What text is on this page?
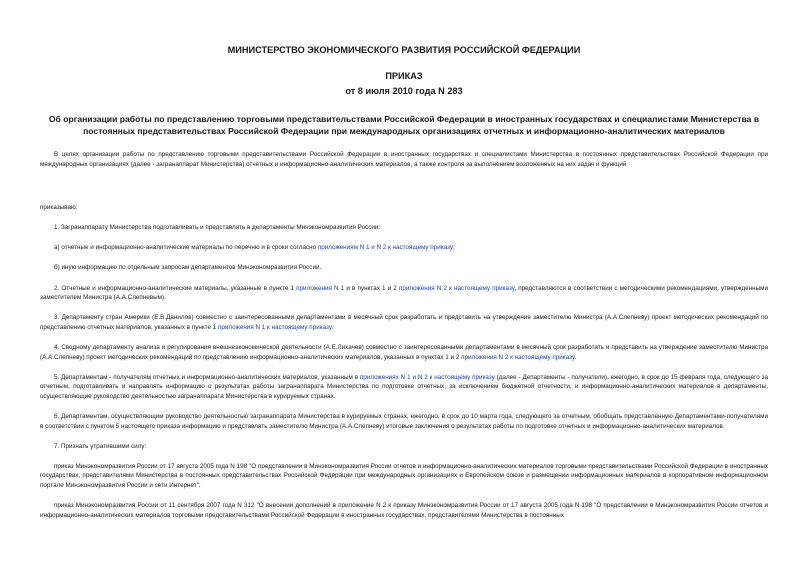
МИНИСТЕРСТВО ЭКОНОМИЧЕСКОГО РАЗВИТИЯ РОССИЙСКОЙ ФЕДЕРАЦИИ
ПРИКАЗ
от 8 июля 2010 года N 283
Об организации работы по представлению торговыми представительствами Российской Федерации в иностранных государствах и специалистами Министерства в постоянных представительствах Российской Федерации при международных организациях отчетных и информационно-аналитических материалов

В целях организации работы по представлению торговыми представительствами Российской Федерации в иностранных государствах и специалистами Министерства в постоянных представительствах Российской Федерации при международных организациях (далее - загранаппарат Министерства) отчетных и информационно-аналитических материалов, а также контроля за выполнением возложенных на них задач и функций

приказываю:

1. Загранаппарату Министерства подготавливать и представлять в департаменты Минэкономразвития России:

а) отчетные и информационно-аналитические материалы по перечню и в сроки согласно приложениям N 1 и N 2 к настоящему приказу;

б) иную информацию по отдельным запросам департаментов Минэкономразвития России.

2. Отчетные и информационно-аналитические материалы, указанные в пункте 1 приложения N 1 и в пунктах 1 и 2 приложения N 2 к настоящему приказу, представляются в соответствии с методическими рекомендациями, утвержденными заместителем Министра (А.А.Слепневым).

3. Департаменту стран Америки (Е.В.Данилов) совместно с заинтересованными департаментами в месячный срок разработать и представить на утверждение заместителю Министра (А.А.Слепневу) проект методических рекомендаций по представлению отчетных материалов, указанных в пункте 1 приложения N 1 к настоящему приказу.

4. Сводному департаменту анализа и регулирования внешнеэкономической деятельности (А.Е.Лихачев) совместно с заинтересованными департаментами в месячный срок разработать и представить на утверждение заместителю Министра (А.А.Слепневу) проект методических рекомендаций по представлению информационно-аналитических материалов, указанных в пунктах 1 и 2 приложения N 2 к настоящему приказу.

5. Департаментам - получателям отчетных и информационно-аналитических материалов, указанным в приложениях N 1 и N 2 к настоящему приказу (далее - Департаменты - получатели), ежегодно, в срок до 15 февраля года, следующего за отчетным, подготавливать и направлять информацию о результатах работы загранаппарата Министерства по подготовке отчетных, за исключением бюджетной отчетности, и информационно-аналитических материалов в департаменты, осуществляющие руководство деятельностью загранаппарата Министерства в курируемых странах.

6. Департаментам, осуществляющим руководство деятельностью загранаппарата Министерства в курируемых странах, ежегодно, в срок до 10 марта года, следующего за отчетным, обобщать представленную Департаментами-получателями в соответствии с пунктом 5 настоящего приказа информацию и представлять заместителю Министра (А.А.Слепневу) итоговые заключения о результатах работы по подготовке отчетных и информационно-аналитических материалов.

7. Признать утратившими силу:

приказ Минэкономразвития России от 17 августа 2005 года N 198 "О представлении в Минэкономразвития России отчетов и информационно-аналитических материалов торговыми представительствами Российской Федерации в иностранных государствах, представителями Министерства в постоянных представительствах Российской Федерации при международных организациях и Европейском союзе и размещении информационных материалов в корпоративном информационном портале Минэкономразвития России и сети Интернет";

приказ Минэкономразвития России от 11 сентября 2007 года N 312 "О внесении дополнений в приложение N 2 к приказу Минэкономразвития России от 17 августа 2005 года N 198 "О представлении в Минэкономразвития России отчетов и информационно-аналитических материалов торговыми представительствами Российской Федерации в иностранных государствах, представителями Министерства в постоянных
